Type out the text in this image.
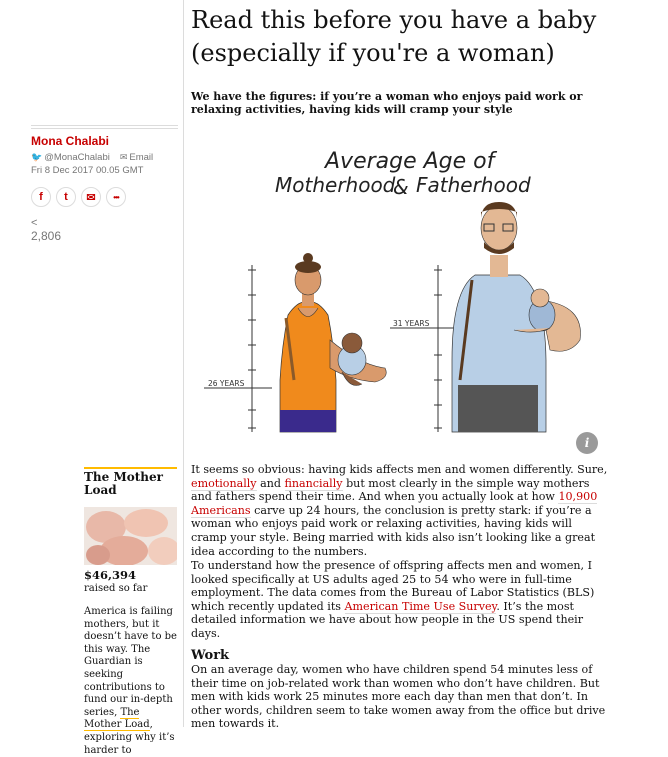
Read this before you have a baby (especially if you're a woman)

We have the figures: if you’re a woman who enjoys paid work or relaxing activities, having kids will cramp your style

Mona Chalabi
🐦 @MonaChalabi ✉ Email
Fri 8 Dec 2017 00.05 GMT
f	t	✉	•••
<
2,806
Average Age of
Motherhood
& Fatherhood
26 YEARS
31 YEARS
i
The Mother Load
$46,394
raised so far

America is failing mothers, but it doesn’t have to be this way. The Guardian is seeking contributions to fund our in-depth series, The Mother Load, exploring why it’s harder to

It seems so obvious: having kids affects men and women differently. Sure, emotionally and financially but most clearly in the simple way mothers and fathers spend their time. And when you actually look at how 10,900 Americans carve up 24 hours, the conclusion is pretty stark: if you’re a woman who enjoys paid work or relaxing activities, having kids will cramp your style. Being married with kids also isn’t looking like a great idea according to the numbers.

To understand how the presence of offspring affects men and women, I looked specifically at US adults aged 25 to 54 who were in full-time employment. The data comes from the Bureau of Labor Statistics (BLS) which recently updated its American Time Use Survey. It’s the most detailed information we have about how people in the US spend their days.

Work

On an average day, women who have children spend 54 minutes less of their time on job-related work than women who don’t have children. But men with kids work 25 minutes more each day than men that don’t. In other words, children seem to take women away from the office but drive men towards it.
